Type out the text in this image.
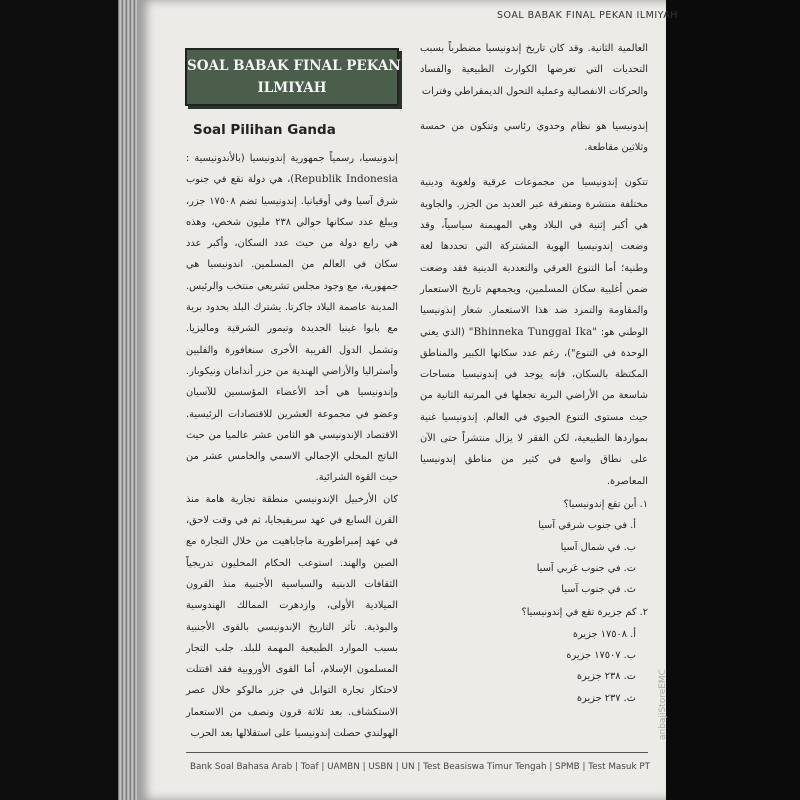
SOAL BABAK FINAL PEKAN ILMIYAH
SOAL BABAK FINAL PEKAN
ILMIYAH
Soal Pilihan Ganda

إندونيسيا، رسمياً جمهورية إندونيسيا (بالأندونيسية : Republik Indonesia)، هي دولة تقع في جنوب شرق آسيا وفي أوقيانيا. إندونيسيا تضم ١٧٥٠٨ جزر، ويبلغ عدد سكانها حوالي ٢٣٨ مليون شخص، وهذه هي رابع دولة من حيث عدد السكان، وأكبر عدد سكان في العالم من المسلمين. اندونيسيا هي جمهورية، مع وجود مجلس تشريعي منتخب والرئيس. المدينة عاصمة البلاد جاكرتا. يشترك البلد بحدود برية مع بابوا غينيا الجديدة وتيمور الشرقية وماليزيا. وتشمل الدول القريبة الأخرى سنغافورة والفلبين وأستراليا والأراضي الهندية من جزر أندامان ونيكوبار. وإندونيسيا هي أحد الأعضاء المؤسسين للآسيان وعضو في مجموعة العشرين للاقتصادات الرئيسية. الاقتصاد الإندونيسي هو الثامن عشر عالميا من حيث الناتج المحلي الإجمالي الاسمي والخامس عشر من حيث القوة الشرائية.

كان الأرخبيل الإندونيسي منطقة تجارية هامة منذ القرن السابع في عهد سريفيجايا، ثم في وقت لاحق، في عهد إمبراطورية ماجاباهيت من خلال التجارة مع الصين والهند. استوعب الحكام المحليون تدريجياً الثقافات الدينية والسياسية الأجنبية منذ القرون الميلادية الأولى، وازدهرت الممالك الهندوسية والبوذية. تأثر التاريخ الإندونيسي بالقوى الأجنبية بسبب الموارد الطبيعية المهمة للبلد. جلب التجار المسلمون الإسلام، أما القوى الأوروبية فقد اقتتلت لاحتكار تجارة التوابل في جزر مالوكو خلال عصر الاستكشاف. بعد ثلاثة قرون ونصف من الاستعمار الهولندي حصلت إندونيسيا على استقلالها بعد الحرب

العالمية الثانية. وقد كان تاريخ إندونيسيا مضطرباً بسبب التحديات التي تعرضها الكوارث الطبيعية والفساد والحركات الانفصالية وعملية التحول الديمقراطي وفترات

إندونيسيا هو نظام وحدوي رئاسي وتتكون من خمسة وثلاثين مقاطعة.

تتكون إندونيسيا من مجموعات عرقية ولغوية ودينية مختلفة منتشرة ومتفرقة عبر العديد من الجزر. والجاوية هي أكبر إثنية في البلاد وهي المهيمنة سياسياً، وقد وضعت إندونيسيا الهوية المشتركة التي تحددها لغة وطنية؛ أما التنوع العرقي والتعددية الدينية فقد وضعت ضمن أغلبية سكان المسلمين، ويجمعهم تاريخ الاستعمار والمقاومة والتمرد ضد هذا الاستعمار. شعار إندونيسيا الوطني هو: "Bhinneka Tunggal Ika" (الذي يعني الوحدة في التنوع")، رغم عدد سكانها الكبير والمناطق المكتظة بالسكان، فإنه يوجد في إندونيسيا مساحات شاسعة من الأراضي البرية تجعلها في المرتبة الثانية من حيث مستوى التنوع الحيوي في العالم. إندونيسيا غنية بمواردها الطبيعية، لكن الفقر لا يزال منتشراً حتى الآن على نطاق واسع في كثير من مناطق إندونيسيا المعاصرة.

١. أين تقع إندونيسيا؟
أ. في جنوب شرقي آسيا
ب. في شمال آسيا
ت. في جنوب غربي آسيا
ث. في جنوب آسيا
٢. كم جزيرة تقع في إندونيسيا؟
أ. ١٧٥٠٨ جزيرة
ب. ١٧٥٠٧ جزيرة
ت. ٢٣٨ جزيرة
ث. ٢٣٧ جزيرة
Bank Soal Bahasa Arab | Toaf | UAMBN | USBN | UN | Test Beasiswa Timur Tengah | SPMB | Test Masuk PT
anbajiStoreEMC
